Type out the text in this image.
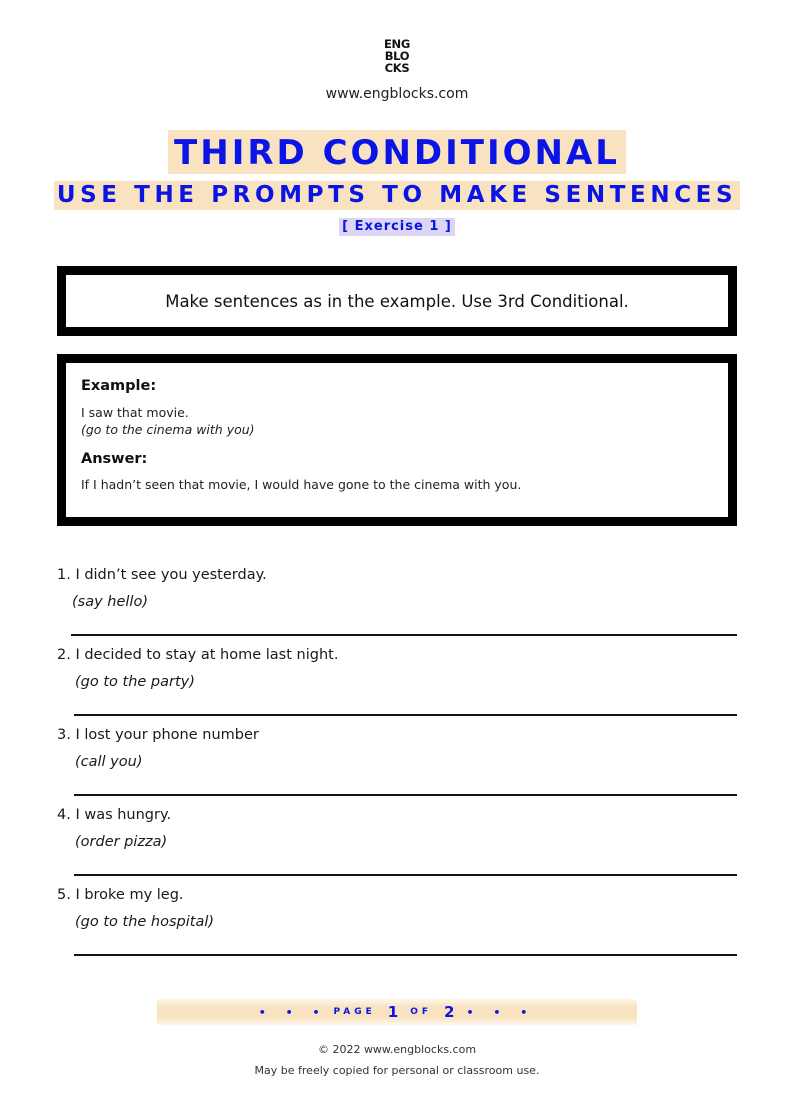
ENG
BLO
CKS
www.engblocks.com
THIRD CONDITIONAL
USE THE PROMPTS TO MAKE SENTENCES
[ Exercise 1 ]
Make sentences as in the example. Use 3rd Conditional.
Example:
I saw that movie.
(go to the cinema with you)
Answer:
If I hadn’t seen that movie, I would have gone to the cinema with you.
1. I didn’t see you yesterday.
(say hello)
2. I decided to stay at home last night.
(go to the party)
3. I lost your phone number
(call you)
4. I was hungry.
(order pizza)
5. I broke my leg.
(go to the hospital)
• • • PAGE 1 OF 2 • • •
© 2022 www.engblocks.com
May be freely copied for personal or classroom use.
